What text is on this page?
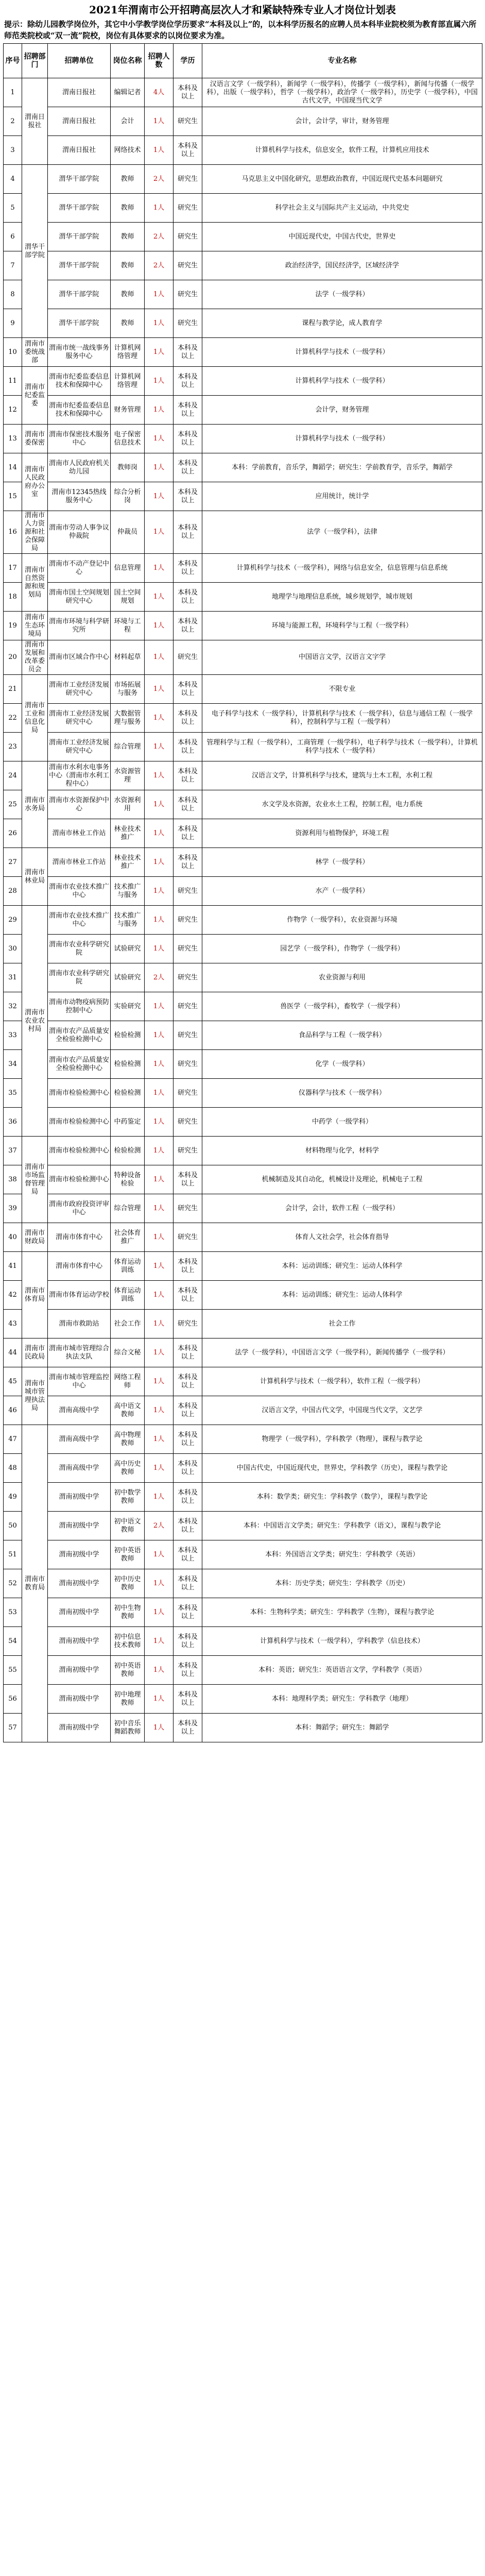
2021年渭南市公开招聘高层次人才和紧缺特殊专业人才岗位计划表
提示：除幼儿园教学岗位外，其它中小学教学岗位学历要求“本科及以上”的，以本科学历报名的应聘人员本科毕业院校须为教育部直属六所师范类院校或“双一流”院校，岗位有具体要求的以岗位要求为准。
序号	招聘部门	招聘单位	岗位名称	招聘人数	学历	专业名称
1	渭南日报社	渭南日报社	编辑记者	4人	本科及以上	汉语言文学（一级学科），新闻学（一级学科），传播学（一级学科），新闻与传播（一级学科），出版（一级学科），哲学（一级学科），政治学（一级学科），历史学（一级学科），中国古代文学，中国现当代文学
2		渭南日报社	会计	1人	研究生	会计，会计学，审计，财务管理
3		渭南日报社	网络技术	1人	本科及以上	计算机科学与技术，信息安全，软件工程，计算机应用技术
4	渭华干部学院	渭华干部学院	教师	2人	研究生	马克思主义中国化研究，思想政治教育，中国近现代史基本问题研究
5		渭华干部学院	教师	1人	研究生	科学社会主义与国际共产主义运动，中共党史
6		渭华干部学院	教师	2人	研究生	中国近现代史，中国古代史，世界史
7		渭华干部学院	教师	2人	研究生	政治经济学，国民经济学，区域经济学
8		渭华干部学院	教师	1人	研究生	法学（一级学科）
9		渭华干部学院	教师	1人	研究生	课程与教学论，成人教育学
10	渭南市委统战部	渭南市统一战线事务服务中心	计算机网络管理	1人	本科及以上	计算机科学与技术（一级学科）
11	渭南市纪委监委	渭南市纪委监委信息技术和保障中心	计算机网络管理	1人	本科及以上	计算机科学与技术（一级学科）
12		渭南市纪委监委信息技术和保障中心	财务管理	1人	本科及以上	会计学，财务管理
13	渭南市委保密	渭南市保密技术服务中心	电子保密信息技术	1人	本科及以上	计算机科学与技术（一级学科）
14	渭南市人民政府办公室	渭南市人民政府机关幼儿园	教师岗	1人	本科及以上	本科：学前教育，音乐学，舞蹈学；研究生：学前教育学，音乐学，舞蹈学
15		渭南市12345热线服务中心	综合分析岗	1人	本科及以上	应用统计，统计学
16	渭南市人力资源和社会保障局	渭南市劳动人事争议仲裁院	仲裁员	1人	本科及以上	法学（一级学科），法律
17	渭南市自然资源和规划局	渭南市不动产登记中心	信息管理	1人	本科及以上	计算机科学与技术（一级学科），网络与信息安全，信息管理与信息系统
18		渭南市国土空间规划研究中心	国土空间规划	1人	本科及以上	地理学与地理信息系统，城乡规划学，城市规划
19	渭南市生态环境局	渭南市环境与科学研究所	环境与工程	1人	本科及以上	环境与能源工程，环境科学与工程（一级学科）
20	渭南市发展和改革委员会	渭南市区域合作中心	材料起草	1人	研究生	中国语言文学，汉语言文字学
21	渭南市工业和信息化局	渭南市工业经济发展研究中心	市场拓展与服务	1人	本科及以上	不限专业
22		渭南市工业经济发展研究中心	大数据管理与服务	1人	本科及以上	电子科学与技术（一级学科），计算机科学与技术（一级学科），信息与通信工程（一级学科），控制科学与工程（一级学科）
23		渭南市工业经济发展研究中心	综合管理	1人	本科及以上	管理科学与工程（一级学科），工商管理（一级学科），电子科学与技术（一级学科），计算机科学与技术（一级学科）
24	渭南市水务局	渭南市水利水电事务中心（渭南市水利工程中心）	水资源管理	1人	本科及以上	汉语言文学，计算机科学与技术，建筑与土木工程，水利工程
25		渭南市水资源保护中心	水资源利用	1人	本科及以上	水文学及水资源，农业水土工程，控制工程，电力系统
26		渭南市林业工作站	林业技术推广	1人	本科及以上	资源利用与植物保护，环境工程
27	渭南市林业局	渭南市林业工作站	林业技术推广	1人	本科及以上	林学（一级学科）
28		渭南市农业技术推广中心	技术推广与服务	1人	研究生	水产（一级学科）
29	渭南市农业农村局	渭南市农业技术推广中心	技术推广与服务	1人	研究生	作物学（一级学科），农业资源与环境
30		渭南市农业科学研究院	试验研究	1人	研究生	园艺学（一级学科），作物学（一级学科）
31		渭南市农业科学研究院	试验研究	2人	研究生	农业资源与利用
32		渭南市动物疫病预防控制中心	实验研究	1人	研究生	兽医学（一级学科），畜牧学（一级学科）
33		渭南市农产品质量安全检验检测中心	检验检测	1人	研究生	食品科学与工程（一级学科）
34		渭南市农产品质量安全检验检测中心	检验检测	1人	研究生	化学（一级学科）
35		渭南市检验检测中心	检验检测	1人	研究生	仪器科学与技术（一级学科）
36		渭南市检验检测中心	中药鉴定	1人	研究生	中药学（一级学科）
37	渭南市市场监督管理局	渭南市检验检测中心	检验检测	1人	研究生	材料物理与化学，材料学
38		渭南市检验检测中心	特种设备检验	1人	本科及以上	机械制造及其自动化，机械设计及理论，机械电子工程
39		渭南市政府投资评审中心	综合管理	1人	研究生	会计学，会计，软件工程（一级学科）
40	渭南市财政局	渭南市体育中心	社会体育推广	1人	研究生	体育人文社会学，社会体育指导
41	渭南市体育局	渭南市体育中心	体育运动训练	1人	本科及以上	本科：运动训练；研究生：运动人体科学
42		渭南市体育运动学校	体育运动训练	1人	本科及以上	本科：运动训练；研究生：运动人体科学
43		渭南市救助站	社会工作	1人	研究生	社会工作
44	渭南市民政局	渭南市城市管理综合执法支队	综合文秘	1人	本科及以上	法学（一级学科），中国语言文学（一级学科），新闻传播学（一级学科）
45	渭南市城市管理执法局	渭南市城市管理监控中心	网络工程师	1人	本科及以上	计算机科学与技术（一级学科），软件工程（一级学科）
46		渭南高级中学	高中语文教师	1人	本科及以上	汉语言文学，中国古代文学，中国现当代文学，文艺学
47	渭南市教育局	渭南高级中学	高中物理教师	1人	本科及以上	物理学（一级学科），学科教学（物理），课程与教学论
48		渭南高级中学	高中历史教师	1人	本科及以上	中国古代史，中国近现代史，世界史，学科教学（历史），课程与教学论
49		渭南初级中学	初中数学教师	1人	本科及以上	本科：数学类；研究生：学科教学（数学），课程与教学论
50		渭南初级中学	初中语文教师	2人	本科及以上	本科：中国语言文学类；研究生：学科教学（语文），课程与教学论
51		渭南初级中学	初中英语教师	1人	本科及以上	本科：外国语言文学类；研究生：学科教学（英语）
52		渭南初级中学	初中历史教师	1人	本科及以上	本科：历史学类；研究生：学科教学（历史）
53		渭南初级中学	初中生物教师	1人	本科及以上	本科：生物科学类；研究生：学科教学（生物），课程与教学论
54		渭南初级中学	初中信息技术教师	1人	本科及以上	计算机科学与技术（一级学科），学科教学（信息技术）
55		渭南初级中学	初中英语教师	1人	本科及以上	本科：英语；研究生：英语语言文学，学科教学（英语）
56		渭南初级中学	初中地理教师	1人	本科及以上	本科：地理科学类；研究生：学科教学（地理）
57		渭南初级中学	初中音乐舞蹈教师	1人	本科及以上	本科：舞蹈学；研究生：舞蹈学
